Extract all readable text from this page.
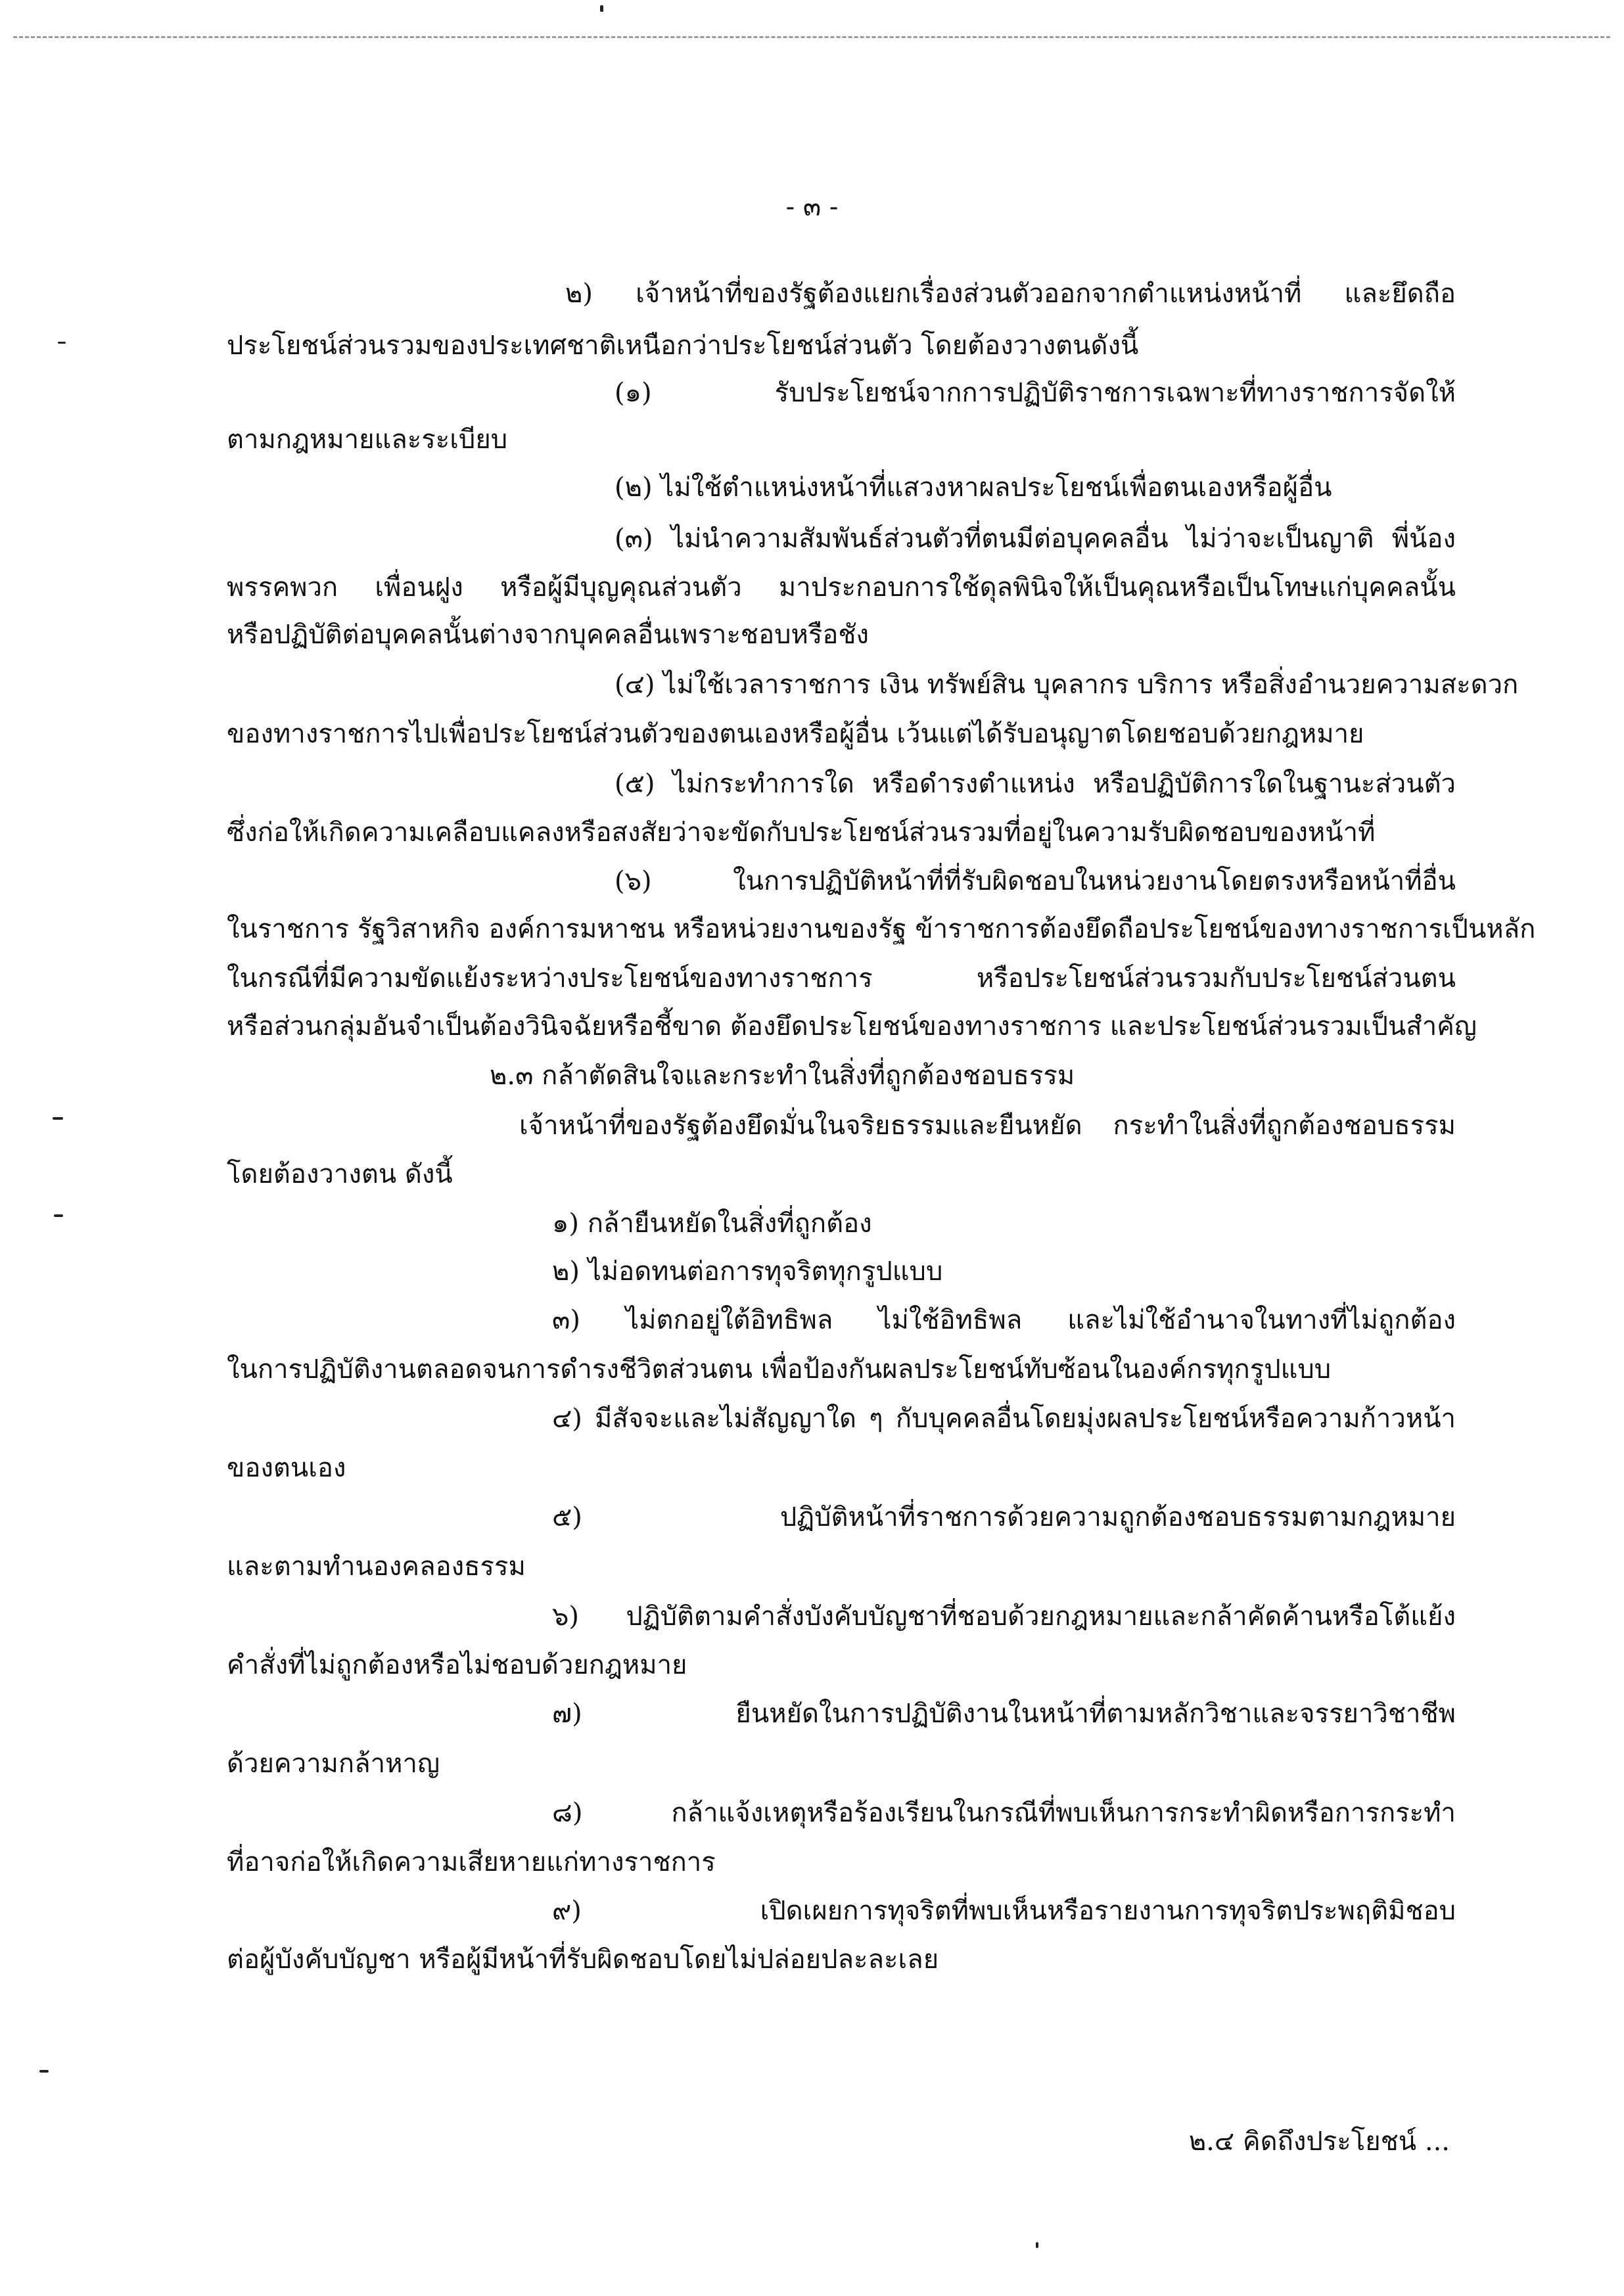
- ๓ -
๒) เจ้าหน้าที่ของรัฐต้องแยกเรื่องส่วนตัวออกจากตำแหน่งหน้าที่ และยึดถือ
ประโยชน์ส่วนรวมของประเทศชาติเหนือกว่าประโยชน์ส่วนตัว โดยต้องวางตนดังนี้
(๑) รับประโยชน์จากการปฏิบัติราชการเฉพาะที่ทางราชการจัดให้
ตามกฎหมายและระเบียบ
(๒) ไม่ใช้ตำแหน่งหน้าที่แสวงหาผลประโยชน์เพื่อตนเองหรือผู้อื่น
(๓) ไม่นำความสัมพันธ์ส่วนตัวที่ตนมีต่อบุคคลอื่น ไม่ว่าจะเป็นญาติ พี่น้อง
พรรคพวก เพื่อนฝูง หรือผู้มีบุญคุณส่วนตัว มาประกอบการใช้ดุลพินิจให้เป็นคุณหรือเป็นโทษแก่บุคคลนั้น
หรือปฏิบัติต่อบุคคลนั้นต่างจากบุคคลอื่นเพราะชอบหรือชัง
(๔) ไม่ใช้เวลาราชการ เงิน ทรัพย์สิน บุคลากร บริการ หรือสิ่งอำนวยความสะดวก
ของทางราชการไปเพื่อประโยชน์ส่วนตัวของตนเองหรือผู้อื่น เว้นแต่ได้รับอนุญาตโดยชอบด้วยกฎหมาย
(๕) ไม่กระทำการใด หรือดำรงตำแหน่ง หรือปฏิบัติการใดในฐานะส่วนตัว
ซึ่งก่อให้เกิดความเคลือบแคลงหรือสงสัยว่าจะขัดกับประโยชน์ส่วนรวมที่อยู่ในความรับผิดชอบของหน้าที่
(๖) ในการปฏิบัติหน้าที่ที่รับผิดชอบในหน่วยงานโดยตรงหรือหน้าที่อื่น
ในราชการ รัฐวิสาหกิจ องค์การมหาชน หรือหน่วยงานของรัฐ ข้าราชการต้องยึดถือประโยชน์ของทางราชการเป็นหลัก
ในกรณีที่มีความขัดแย้งระหว่างประโยชน์ของทางราชการ หรือประโยชน์ส่วนรวมกับประโยชน์ส่วนตน
หรือส่วนกลุ่มอันจำเป็นต้องวินิจฉัยหรือชี้ขาด ต้องยึดประโยชน์ของทางราชการ และประโยชน์ส่วนรวมเป็นสำคัญ
๒.๓ กล้าตัดสินใจและกระทำในสิ่งที่ถูกต้องชอบธรรม
เจ้าหน้าที่ของรัฐต้องยึดมั่นในจริยธรรมและยืนหยัด กระทำในสิ่งที่ถูกต้องชอบธรรม
โดยต้องวางตน ดังนี้
๑) กล้ายืนหยัดในสิ่งที่ถูกต้อง
๒) ไม่อดทนต่อการทุจริตทุกรูปแบบ
๓) ไม่ตกอยู่ใต้อิทธิพล ไม่ใช้อิทธิพล และไม่ใช้อำนาจในทางที่ไม่ถูกต้อง
ในการปฏิบัติงานตลอดจนการดำรงชีวิตส่วนตน เพื่อป้องกันผลประโยชน์ทับซ้อนในองค์กรทุกรูปแบบ
๔) มีสัจจะและไม่สัญญาใด ๆ กับบุคคลอื่นโดยมุ่งผลประโยชน์หรือความก้าวหน้า
ของตนเอง
๕) ปฏิบัติหน้าที่ราชการด้วยความถูกต้องชอบธรรมตามกฎหมาย
และตามทำนองคลองธรรม
๖) ปฏิบัติตามคำสั่งบังคับบัญชาที่ชอบด้วยกฎหมายและกล้าคัดค้านหรือโต้แย้ง
คำสั่งที่ไม่ถูกต้องหรือไม่ชอบด้วยกฎหมาย
๗) ยืนหยัดในการปฏิบัติงานในหน้าที่ตามหลักวิชาและจรรยาวิชาชีพ
ด้วยความกล้าหาญ
๘) กล้าแจ้งเหตุหรือร้องเรียนในกรณีที่พบเห็นการกระทำผิดหรือการกระทำ
ที่อาจก่อให้เกิดความเสียหายแก่ทางราชการ
๙) เปิดเผยการทุจริตที่พบเห็นหรือรายงานการทุจริตประพฤติมิชอบ
ต่อผู้บังคับบัญชา หรือผู้มีหน้าที่รับผิดชอบโดยไม่ปล่อยปละละเลย
๒.๔ คิดถึงประโยชน์ ...
